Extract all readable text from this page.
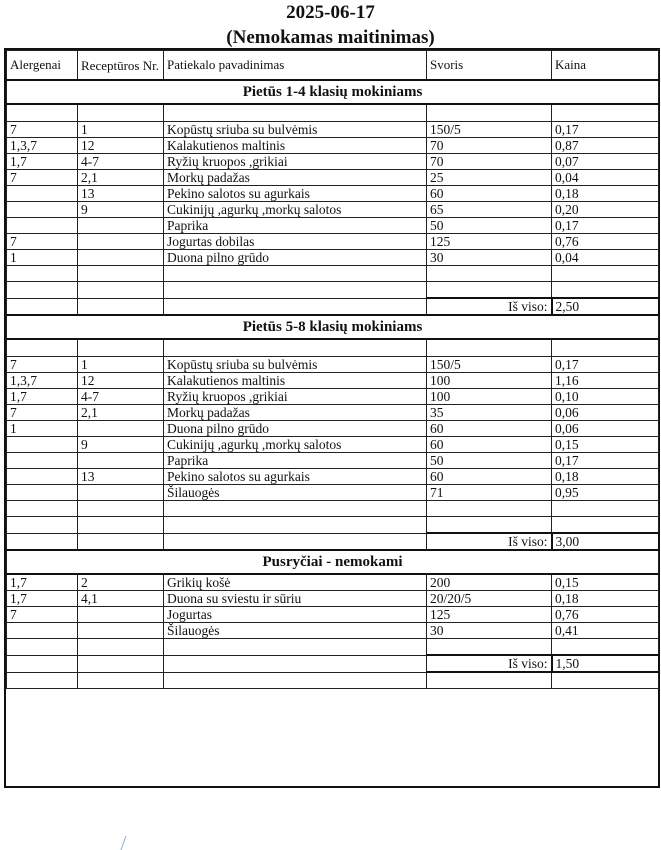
2025-06-17
(Nemokamas maitinimas)
Alergenai	Receptūros Nr.	Patiekalo pavadinimas	Svoris	Kaina
Pietūs 1-4 klasių mokiniams				

7	1	Kopūstų sriuba su bulvėmis	150/5	0,17
1,3,7	12	Kalakutienos maltinis	70	0,87
1,7	4-7	Ryžių kruopos ,grikiai	70	0,07
7	2,1	Morkų padažas	25	0,04
	13	Pekino salotos su agurkais	60	0,18
	9	Cukinijų ,agurkų ,morkų salotos	65	0,20
		Paprika	50	0,17
7		Jogurtas dobilas	125	0,76
1		Duona pilno grūdo	30	0,04

			Iš viso:	2,50
Pietūs 5-8 klasių mokiniams				

7	1	Kopūstų sriuba su bulvėmis	150/5	0,17
1,3,7	12	Kalakutienos maltinis	100	1,16
1,7	4-7	Ryžių kruopos ,grikiai	100	0,10
7	2,1	Morkų padažas	35	0,06
1		Duona pilno grūdo	60	0,06
	9	Cukinijų ,agurkų ,morkų salotos	60	0,15
		Paprika	50	0,17
	13	Pekino salotos su agurkais	60	0,18
		Šilauogės	71	0,95

			Iš viso:	3,00
Pusryčiai - nemokami				
1,7	2	Grikių košė	200	0,15
1,7	4,1	Duona su sviestu ir sūriu	20/20/5	0,18
7		Jogurtas	125	0,76
		Šilauogės	30	0,41

			Iš viso:	1,50
